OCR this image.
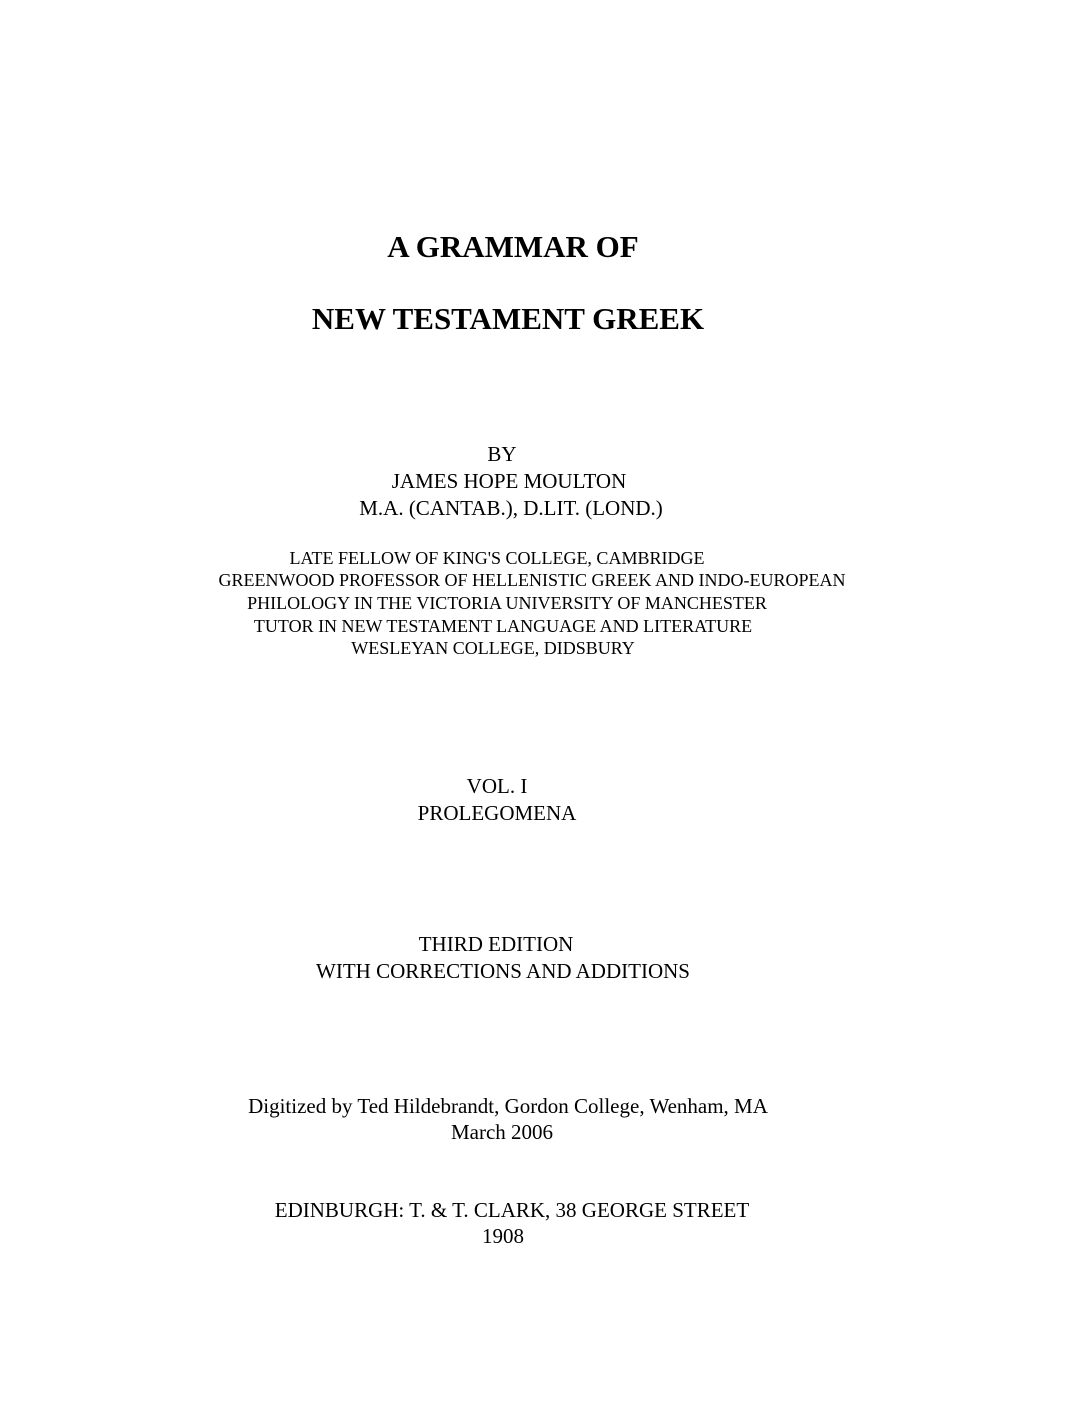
A GRAMMAR OF
NEW TESTAMENT GREEK
BY
JAMES HOPE MOULTON
M.A. (CANTAB.), D.LIT. (LOND.)
LATE FELLOW OF KING'S COLLEGE, CAMBRIDGE
GREENWOOD PROFESSOR OF HELLENISTIC GREEK AND INDO-EUROPEAN
PHILOLOGY IN THE VICTORIA UNIVERSITY OF MANCHESTER
TUTOR IN NEW TESTAMENT LANGUAGE AND LITERATURE
WESLEYAN COLLEGE, DIDSBURY
VOL. I
PROLEGOMENA
THIRD EDITION
WITH CORRECTIONS AND ADDITIONS
Digitized by Ted Hildebrandt, Gordon College, Wenham, MA
March 2006
EDINBURGH: T. & T. CLARK, 38 GEORGE STREET
1908
